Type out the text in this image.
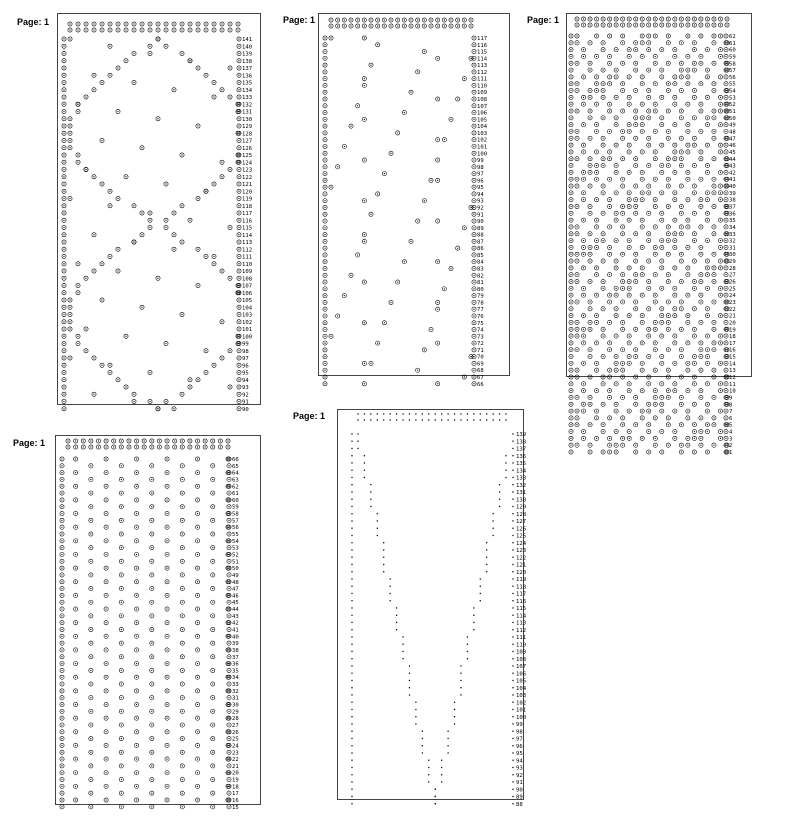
Page: 1	Page: 1	Page: 1
Page: 1
Page: 1
141
140
139
138
137
136
135
134
133
132
131
130
129
128
127
126
125
124
123
122
121
120
119
118
117
116
115
114
113
112
111
110
109
108
107
106
105
104
103
102
101
100
99
98
97
96
95
94
93
92
91
90
117
116
115
114
113
112
111
110
109
108
107
106
105
104
103
102
101
100
99
98
97
96
95
94
93
92
91
90
89
88
87
86
85
84
83
82
81
80
79
78
77
76
75
74
73
72
71
70
69
68
67
66
62
61
60
59
58
57
56
55
54
53
52
51
50
49
48
47
46
45
44
43
42
41
40
39
38
37
36
35
34
33
32
31
30
29
28
27
26
25
24
23
22
21
20
19
18
17
16
15
14
13
12
11
10
9
8
7
6
5
4
3
2
1
66
65
64
63
62
61
60
59
58
57
56
55
54
53
52
51
50
49
48
47
46
45
44
43
42
41
40
39
38
37
36
35
34
33
32
31
30
29
28
27
26
25
24
23
22
21
20
19
18
17
16
15
139
138
137
136
135
134
133
132
131
130
129
128
127
126
125
124
123
122
121
120
119
118
117
116
115
114
113
112
111
110
109
108
107
106
105
104
103
102
101
100
99
98
97
96
95
94
93
92
91
90
89
88
